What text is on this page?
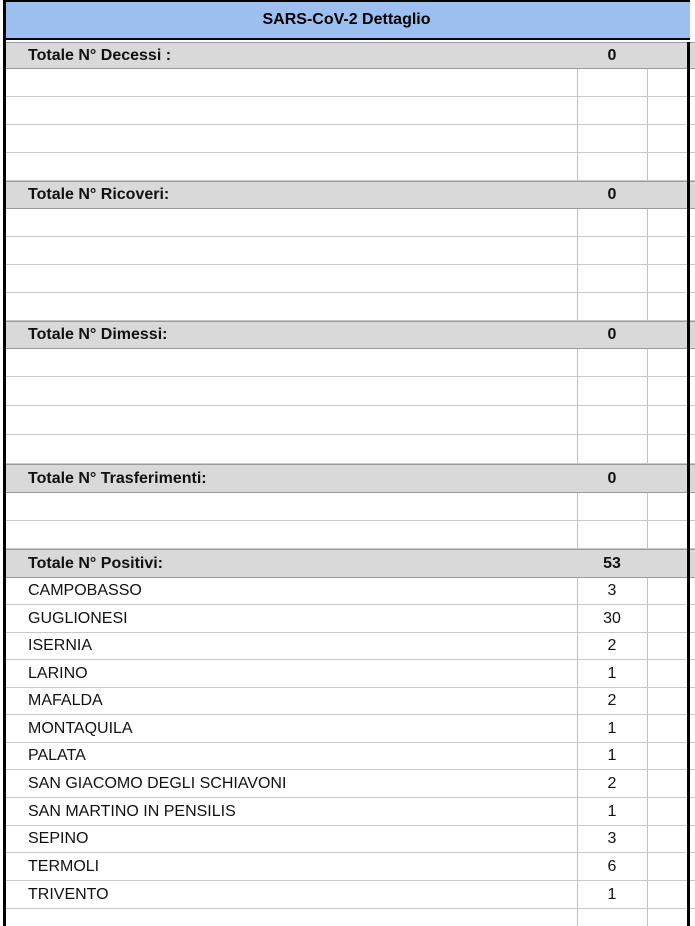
SARS-CoV-2 Dettaglio
Totale N° Decessi :	0
Totale N° Ricoveri:	0
Totale N° Dimessi:	0
Totale N° Trasferimenti:	0
Totale N° Positivi:	53
CAMPOBASSO	3
GUGLIONESI	30
ISERNIA	2
LARINO	1
MAFALDA	2
MONTAQUILA	1
PALATA	1
SAN GIACOMO DEGLI SCHIAVONI	2
SAN MARTINO IN PENSILIS	1
SEPINO	3
TERMOLI	6
TRIVENTO	1
